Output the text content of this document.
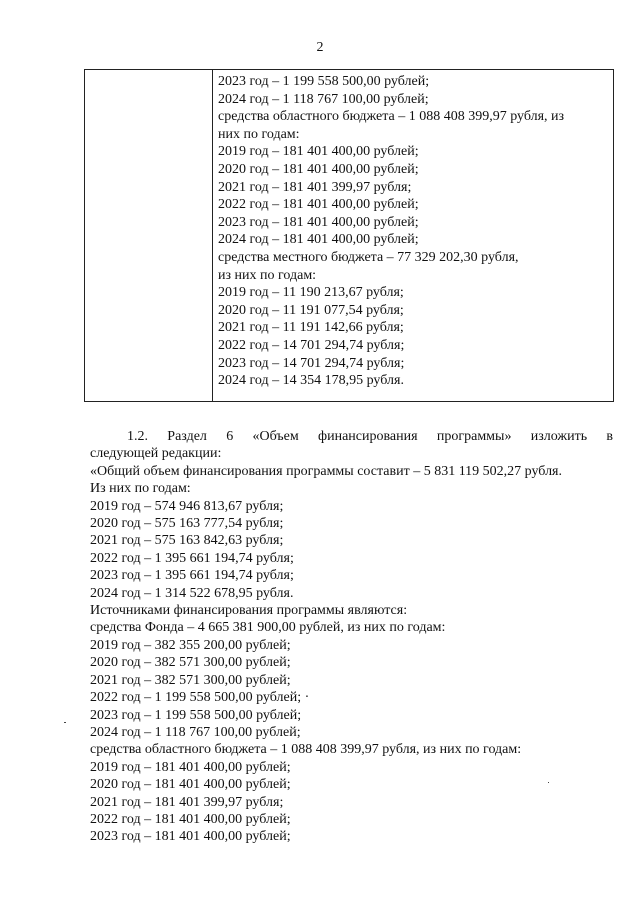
2
2023 год – 1 199 558 500,00 рублей;
2024 год – 1 118 767 100,00 рублей;
средства областного бюджета – 1 088 408 399,97 рубля, из
них по годам:
2019 год – 181 401 400,00 рублей;
2020 год – 181 401 400,00 рублей;
2021 год – 181 401 399,97 рубля;
2022 год – 181 401 400,00 рублей;
2023 год – 181 401 400,00 рублей;
2024 год – 181 401 400,00 рублей;
средства местного бюджета – 77 329 202,30 рубля,
из них по годам:
2019 год – 11 190 213,67 рубля;
2020 год – 11 191 077,54 рубля;
2021 год – 11 191 142,66 рубля;
2022 год – 14 701 294,74 рубля;
2023 год – 14 701 294,74 рубля;
2024 год – 14 354 178,95 рубля.
1.2. Раздел 6 «Объем финансирования программы» изложить в
следующей редакции:
«Общий объем финансирования программы составит – 5 831 119 502,27 рубля.
Из них по годам:
2019 год – 574 946 813,67 рубля;
2020 год – 575 163 777,54 рубля;
2021 год – 575 163 842,63 рубля;
2022 год – 1 395 661 194,74 рубля;
2023 год – 1 395 661 194,74 рубля;
2024 год – 1 314 522 678,95 рубля.
Источниками финансирования программы являются:
средства Фонда – 4 665 381 900,00 рублей, из них по годам:
2019 год – 382 355 200,00 рублей;
2020 год – 382 571 300,00 рублей;
2021 год – 382 571 300,00 рублей;
2022 год – 1 199 558 500,00 рублей; ·
2023 год – 1 199 558 500,00 рублей;
2024 год – 1 118 767 100,00 рублей;
средства областного бюджета – 1 088 408 399,97 рубля, из них по годам:
2019 год – 181 401 400,00 рублей;
2020 год – 181 401 400,00 рублей;
2021 год – 181 401 399,97 рубля;
2022 год – 181 401 400,00 рублей;
2023 год – 181 401 400,00 рублей;
